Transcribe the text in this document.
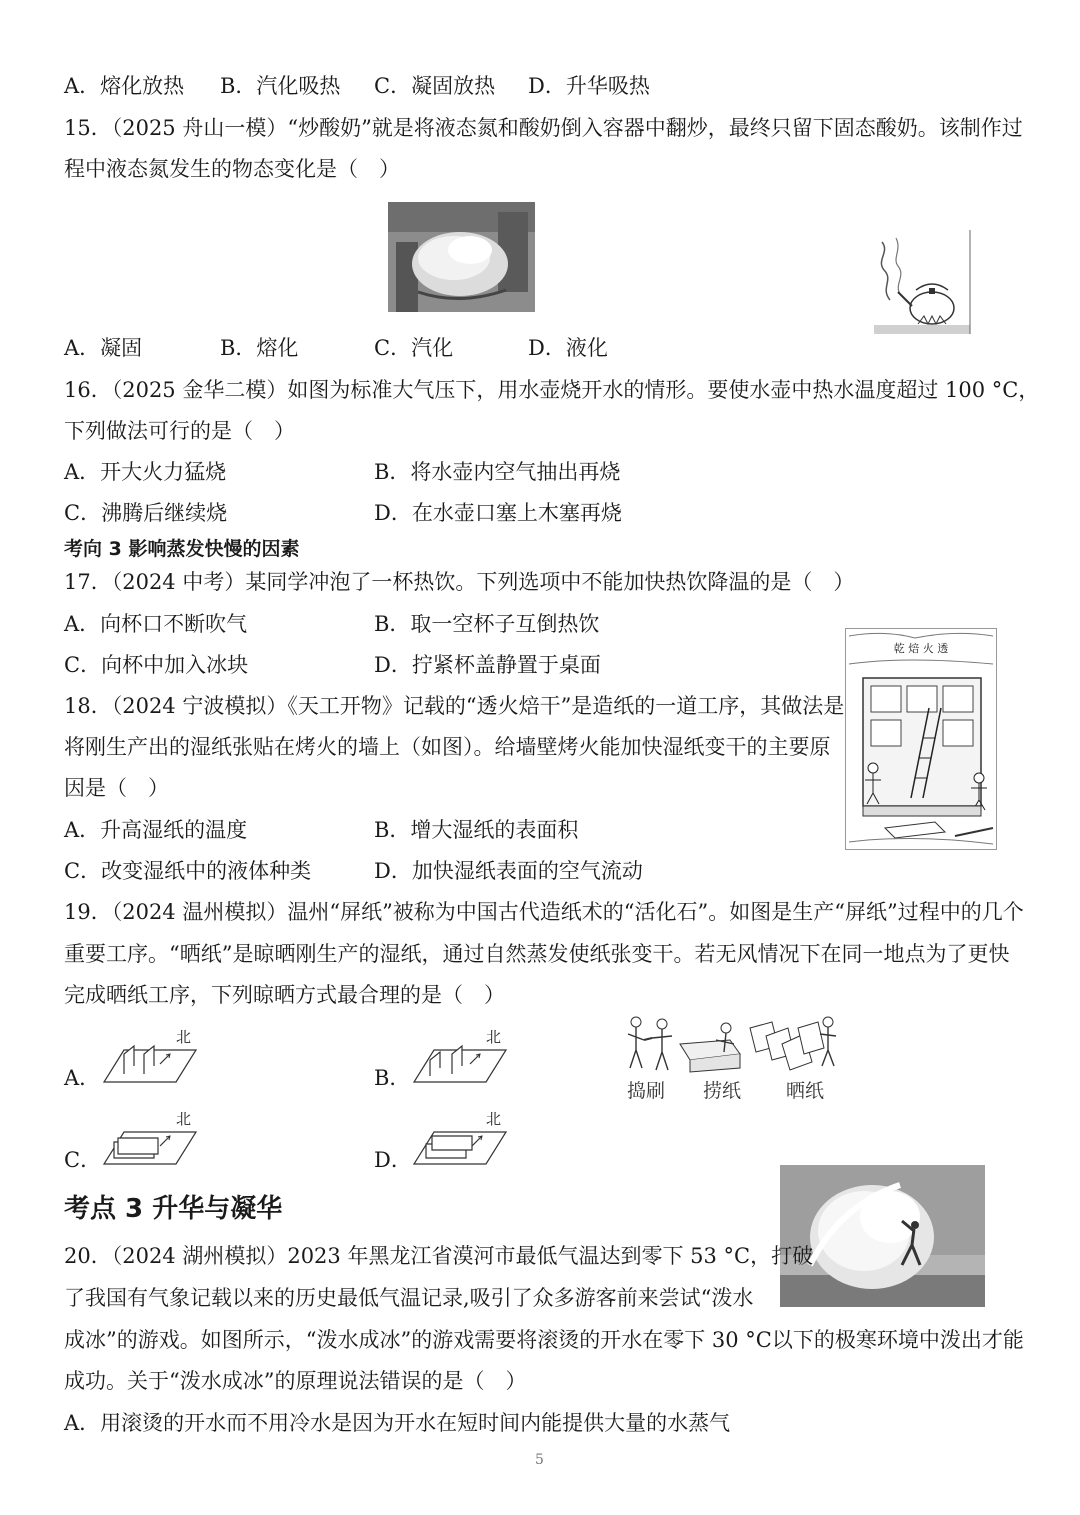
A．熔化放热 B．汽化吸热 C．凝固放热 D．升华吸热
15．（2025 舟山一模）“炒酸奶”就是将液态氮和酸奶倒入容器中翻炒，最终只留下固态酸奶。该制作过
程中液态氮发生的物态变化是（　）
A．凝固	B．熔化	C．汽化	D．液化
16．（2025 金华二模）如图为标准大气压下，用水壶烧开水的情形。要使水壶中热水温度超过 100 °C，
下列做法可行的是（　）
A．开大火力猛烧	B．将水壶内空气抽出再烧
C．沸腾后继续烧	D．在水壶口塞上木塞再烧
考向 3 影响蒸发快慢的因素
17．（2024 中考）某同学冲泡了一杯热饮。下列选项中不能加快热饮降温的是（　）
A．向杯口不断吹气	B．取一空杯子互倒热饮
C．向杯中加入冰块	D．拧紧杯盖静置于桌面
乾 焙 火 透
18．（2024 宁波模拟）《天工开物》记载的“透火焙干”是造纸的一道工序，其做法是
将刚生产出的湿纸张贴在烤火的墙上（如图）。给墙壁烤火能加快湿纸变干的主要原
因是（　）
A．升高湿纸的温度	B．增大湿纸的表面积
C．改变湿纸中的液体种类	D．加快湿纸表面的空气流动
19．（2024 温州模拟）温州“屏纸”被称为中国古代造纸术的“活化石”。如图是生产“屏纸”过程中的几个
重要工序。“晒纸”是晾晒刚生产的湿纸，通过自然蒸发使纸张变干。若无风情况下在同一地点为了更快
完成晒纸工序，下列晾晒方式最合理的是（　）
捣刷 捞纸 晒纸
A．
北
B．
北
C．
北
D．
北
考点 3 升华与凝华
20．（2024 湖州模拟）2023 年黑龙江省漠河市最低气温达到零下 53 °C，打破
了我国有气象记载以来的历史最低气温记录,吸引了众多游客前来尝试“泼水
成冰”的游戏。如图所示，“泼水成冰”的游戏需要将滚烫的开水在零下 30 °C以下的极寒环境中泼出才能
成功。关于“泼水成冰”的原理说法错误的是（　）
A．用滚烫的开水而不用冷水是因为开水在短时间内能提供大量的水蒸气
5
